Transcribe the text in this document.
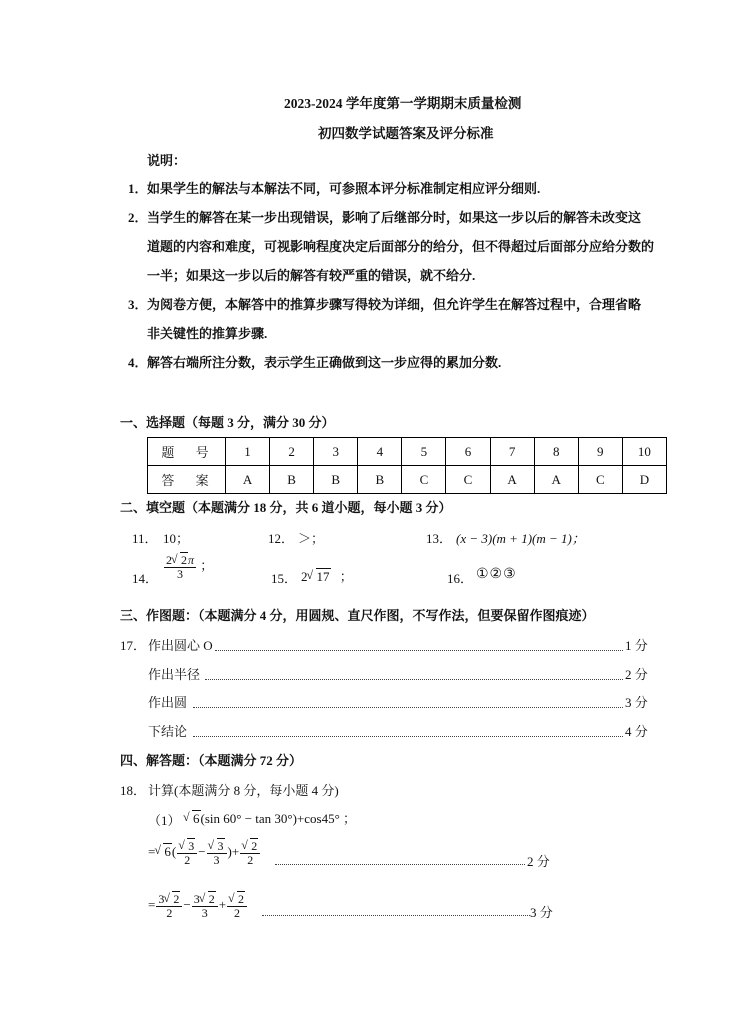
2023-2024 学年度第一学期期末质量检测
初四数学试题答案及评分标准
说明：
1． 如果学生的解法与本解法不同，可参照本评分标准制定相应评分细则.
2． 当学生的解答在某一步出现错误，影响了后继部分时，如果这一步以后的解答未改变这
道题的内容和难度，可视影响程度决定后面部分的给分，但不得超过后面部分应给分数的
一半；如果这一步以后的解答有较严重的错误，就不给分.
3． 为阅卷方便，本解答中的推算步骤写得较为详细，但允许学生在解答过程中，合理省略
非关键性的推算步骤.
4． 解答右端所注分数，表示学生正确做到这一步应得的累加分数.
一、选择题（每题 3 分，满分 30 分）
题 号	1	2	3	4	5	6	7	8	9	10
答 案	A	B	B	B	C	C	A	A	C	D
二、填空题（本题满分 18 分，共 6 道小题，每小题 3 分）
11． 10；	12． ＞；	13． (x − 3)(m + 1)(m − 1)；
14． $\frac{2 √ 2\pi}{3}$ ；
15． 2 √ 17 ；	16． ①②③
三、作图题：（本题满分 4 分，用圆规、直尺作图，不写作法，但要保留作图痕迹）
17． 作出圆心 O	1 分
作出半径	2 分
作出圆	3 分
下结论	4 分
四、解答题：（本题满分 72 分）
18． 计算(本题满分 8 分，每小题 4 分)
（1） √ 6(sin 60° − tan 30°)+cos45° ；
= √ 6( √ $\frac{3}{2}$ − √ $\frac{3}{3}$ )+ √ $\frac{2}{2}$	2 分
= $\frac{3 √ 2}{2} - \frac{3 √ 2}{3}$ + √ $\frac{2}{2}$	3 分
